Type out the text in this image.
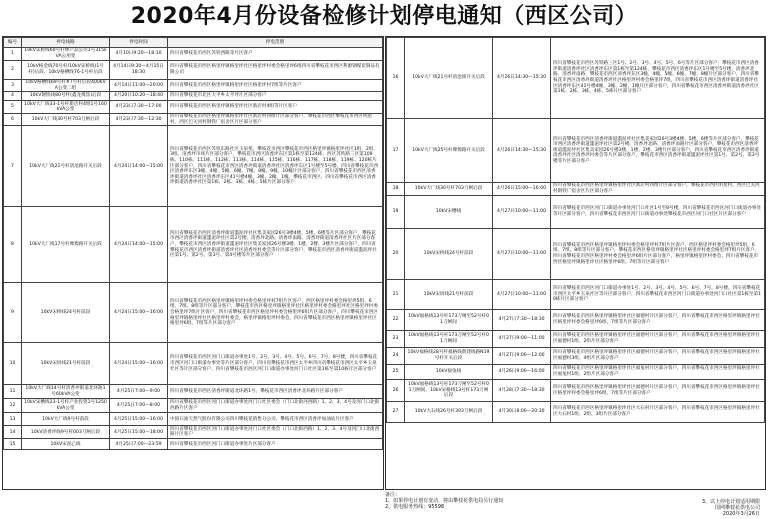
2020年4月份设备检修计划停电通知（西区公司）
编号	停电线路	停电时间	停电范围
1	10kV宋桥线60号杆林产品公司1号315kVA公用变	4月10日9:20—18:10	四川省攀枝花市西区苏铁西路等片区客户
2	10kV格金线70号杆/10kV宋桥线(1号杆)后段、10kV格槽线76-1号杆后段	4月14日9:30—4月15日18:30	四川省攀枝花市西区格里坪镇格里坪社区格里坪村委会格里坪6组四川省攀枝花市西区利源钢煤炭制品有限公司
3	10kV格槽线69号杆#7号杆后段400kVA公变二组	4月14日11:00—20:00	四川省攀枝花市西区格里坪镇格里坪社区格里坪村7组等片区客户
4	10kV钢铁线80号杆(鑫龙煤焦)后段	4月20日10:20—18:40	四川省攀枝花市北区大平乡太平坪片区部分客户
5	10kV大厂线33-1号杆新店村4组1号160kVA公变	4月23日7:30—17:00	四川省攀枝花市西区格里坪镇格里坪社区新店村4组等片区客户
6	10kV大厂线30号杆703刀闸后段	4月23日7:30—12:30	四川省攀枝花市西区格里坪镇格里坪社区新店村四组片区部分客户，攀枝花市西区攀枝花市西区明星村、西区巴关河村钢铁厂宿舍区片区部分客户
7	10kV大厂线21号杆清沧路开关后段	4月24日14:00—15:00	四川省攀枝花市西区苏铁东路社区玉泉苑、攀枝花市西区攀枝花市西区格里坪镇格里坪社区1组、2组、3组、清香坪市场片区部分客户，攀枝花市西区清香坪东区第1栋至第124栋、西区苏铁路三区第109栋、110栋、111栋、112栋、113栋、114栋、115栋、116栋、117栋、118栋、119栋、120栋片区部分客户，四川省攀枝花市西区清香坪街道清香坪社区清香坪东区1号楼至5号楼、四川省攀枝花市西区清香坪东区3幢、4幢、5幢、6幢、7幢、8幢、9幢、10幢片区部分客户，四川省攀枝花市西区清香坪街道清香坪社区清香坪东区41号楼4幢、3幢、2幢、1幢、攀枝花市西区、四川省攀枝花市西区清香坪街道清香坪社区第1栋、2栋、3栋、4栋、5栋片区部分客户
8	10kV大厂线17号杆摩擦路开关后段	4月24日14:00—15:00	四川省攀枝花市西区清香坪街道滥泥坪社区集美家园26号3楼4楼、5楼、6楼等片区部分客户，攀枝花市西区清香坪街道滥泥坪社区第2号楼、清香坪北路、清香坪南路、清香坪街道清香坪社区片区部分客户，攀枝花市西区清香坪街道滥泥坪社区集美家园26号楼3楼、1楼、2楼、3楼片区部分客户，四川省攀枝花市西区清香坪街道清香坪社区清香坪村委会等片区部分客户，攀枝花市西区清香坪街道滥泥坪社区第1号、第2号、第3号、第4号楼等片区部分客户
9	10kV宋桥线24号杆前段	4月24日15:00—16:00	四川省攀枝花市西区格里坪镇格里坪村委会格里坪村7组片区客户，西区格里坪村委会格里坪5组、6组、7组、8组等片区部分客户，攀枝花市西区格里坪镇格里坪社区格里坪村委会格里坪社区格里坪村委会格里坪7组片区客户，四川省攀枝花市西区格里坪村委会格里坪6组片区部分客户，四川攀枝花市西区格里坪镇格里坪社区格里坪村委会，格里坪镇格里坪村委会、四川省攀枝花市西区格里坪镇格里坪社区格里坪6组、7组等片区部分客户
10	10kV宋同线21号杆前段	4月24日15:00—16:00	四川省攀枝花市西区河门口街道办事处1号、2号、3号、4号、5号、6号、7号、8号楼，四川省攀枝花市西区河门口街道办事处等片区部分客户，四川省攀枝花市西区太平乡四川省攀枝花市西区太平乡玉泉社区等片区部分客户，四川省攀枝花市西区河门口街道办事处河门口社区第1栋至第10栋片区部分客户
11	10kV大厂线14号杆清香坪街道北环路1号60kVA公变	4月25日7:00—9:00	四川省攀枝花市西区清香坪街道北环路1号、攀枝花市西区清香坪北环路片区部分客户
12	10kV宋槽线23-1号杆产业投资1号1250kVA公变	4月25日7:00—8:00	四川省攀枝花市西区河门口街道办事处河门口社区委会（门口北街河西路）1、2、3、4号及河门口北街西路片区客户
13	10kV大厂线9号杆前段	4月25日15:00—16:00	中国石油天然气股份有限公司四川攀枝花销售分公司、攀枝花市西区清香坪加油站片区客户
14	10kV清香坪线9号杆003刀闸后段	4月25日15:00—18:00	四川省攀枝花市西区河门口街道办事处河门口社区委会（门口北街西路）1、2、3、4号及河门口北街西路片区客户
15	10kV宋泥乙线	4月25日7:00—23:59	四川省攀枝花市西区河门口街道办事处片区部分客户
16	10kV大厂线21号杆清沧街开关后段	4月26日14:30—15:30	四川省攀枝花市西区苏铁路三区1号、2号、3号、4号、5号、6号等片区部分客户，攀枝花市西区清香坪街道清香坪社区清香坪东区第1栋至第124栋、攀枝花市西区清香坪东区1号楼至5号楼、清香坪北路、清香坪南路、攀枝花市西区清香坪东区3幢、4幢、5幢、6幢、7幢、8幢片区部分客户，四川省攀枝花市西区清香坪街道清香坪社区格里坪村委会格里坪7组，四川省攀枝花市西区清香坪街道清香坪社区清香坪东区41号楼4幢、3幢、2幢、1幢片区部分客户，四川省攀枝花市西区清香坪街道清香坪社区第1栋、2栋、3栋、4栋、5栋片区部分客户
17	10kV大厂线25号杆摩擦路开关后段	4月26日14:30—15:30	四川省攀枝花市西区清香坪街道滥泥坪社区集美家园26号3楼4楼、5楼、6楼等片区部分客户，攀枝花市西区清香坪街道滥泥坪社区第2号楼、清香坪北路、清香坪南路片区部分客户，攀枝花市西区清香坪街道滥泥坪社区集美家园26号楼3楼、1楼、2楼、3楼片区部分客户，四川省攀枝花市西区清香坪街道清香坪社区清香坪村委会等片区部分客户，攀枝花市西区清香坪街道滥泥坪社区第1号、第2号、第3号楼等片区部分客户
18	10kV大厂线30号杆703刀闸后段	4月26日15:00—16:00	四川省攀枝花市西区格里坪镇格里坪社区新店村四组片区部分客户，攀枝花市西区明星村、西区巴关河村钢铁厂宿舍区片区部分客户
19	10kV宋槽线	4月27日10:00—11:00	四川省攀枝花市西区河门口街道办事处河门口社区1号至8号楼，四川省攀枝花市西区河门口街道办事处等片区部分客户，四川省攀枝花市西区河门口街道办事处攀枝花市西区河门口社区片区部分客户
20	10kV宋桥线24号杆前段	4月27日10:00—11:00	四川省攀枝花市西区格里坪镇格里坪村委会格里坪村7组片区客户，西区格里坪村委会格里坪5组、6组、7组、8组等片区部分客户，攀枝花市西区格里坪镇格里坪社区格里坪村委会格里坪7组片区客户，四川省攀枝花市西区格里坪村委会格里坪6组片区部分客户，格里坪镇格里坪村委会、四川省攀枝花市西区格里坪镇格里坪社区格里坪6组、7组等片区部分客户
21	10kV宋同线21号杆前段	4月27日10:00—11:00	四川省攀枝花市西区河门口街道办事处1号、2号、3号、4号、5号、6号、7号、8号楼，四川省攀枝花市西区太平乡玉泉社区等片区部分客户，四川省攀枝花市西区河门口街道办事处河门口社区第1栋至第10栋片区部分客户
22	10kV福格线13号杆173刀闸至52号杆01刀闸间	4月27日7:30—18:30	四川省攀枝花市西区格里坪镇格里坪社区福德村片区部分客户，四川省攀枝花市西区格里坪镇格里坪社区格里坪村委会格里坪6组、7组等片区部分客户
23	10kV福格线13号杆173刀闸至52号杆01刀闸间	4月27日9:00—11:00	四川省攀枝花市西区格里坪镇格里坪社区福德村片区部分客户，四川省攀枝花市西区格里坪镇格里坪社区福德村1组、2组片区部分客户
24	10kV福格线28号杆福格线新建线路N19号杆开关后段	4月27日9:00—12:00	四川省攀枝花市西区格里坪镇格里坪社区福德村片区部分客户，四川省攀枝花市西区格里坪镇格里坪社区福德村3组、4组片区部分客户
25	10kV福兔线	4月26日9:00—16:00	四川省攀枝花市西区格里坪镇格里坪社区福兔村片区部分客户，四川省攀枝花市西区格里坪镇格里坪社区福兔村1组、2组片区部分客户
26	10kV福格线13号杆173刀闸至52号杆01刀闸间、10kV宋格线13号杆173刀闸后段	4月28日7:30—18:30	四川省攀枝花市西区格里坪镇格里坪社区福德村片区部分客户，四川省攀枝花市西区格里坪镇格里坪社区格里坪村委会格里坪6组、7组等片区部分客户
27	10kV大石线26号杆303刀闸后段	4月30日8:00—20:30	四川省攀枝花市西区格里坪镇格里坪社区大石村片区部分客户，四川省攀枝花市西区格里坪镇格里坪社区大石村1组、2组、3组片区部分客户
备注：
1、如果停电计划有变动，将由攀枝花供电局另行通知
2、供电服务热线：95598
3、以上停电计划适用期限
国网攀枝花供电公司
2020年3月26日
